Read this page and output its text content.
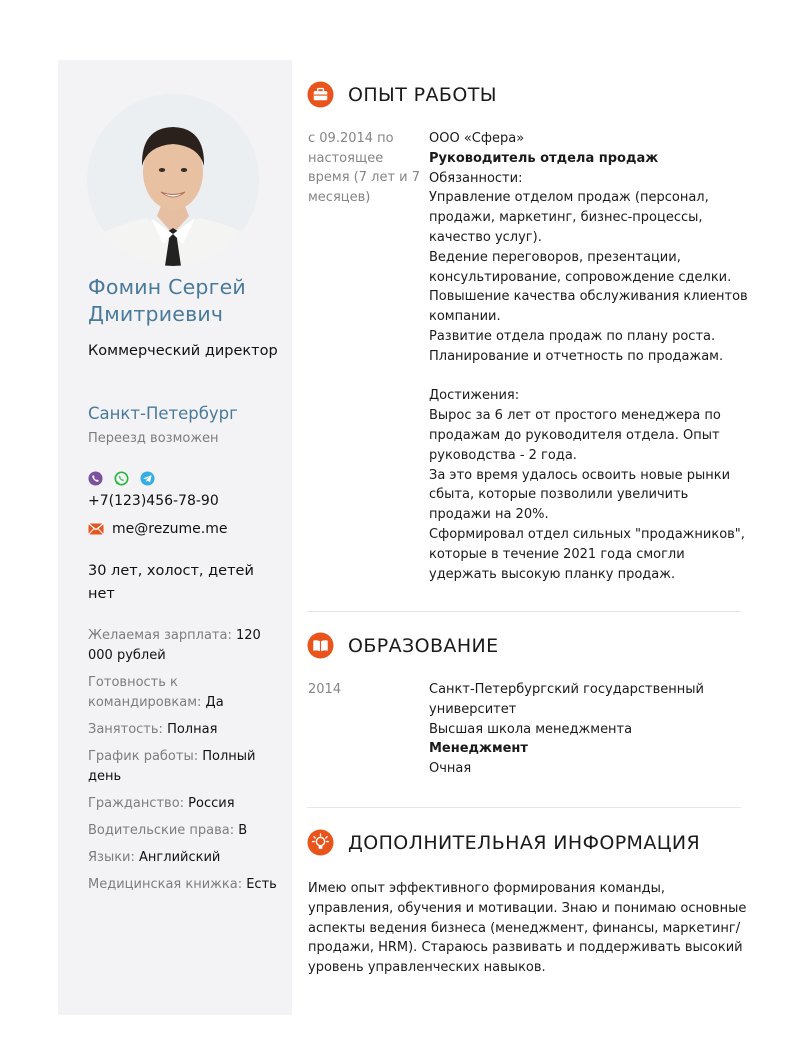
Фомин Сергей Дмитриевич
Коммерческий директор
Санкт-Петербург
Переезд возможен
+7(123)456-78-90
me@rezume.me
30 лет, холост, детей нет
Желаемая зарплата: 120 000 рублей
Готовность к командировкам: Да
Занятость: Полная
График работы: Полный день
Гражданство: Россия
Водительские права: B
Языки: Английский
Медицинская книжка: Есть
ОПЫТ РАБОТЫ
с 09.2014 по настоящее время (7 лет и 7 месяцев)
ООО «Сфера»
Руководитель отдела продаж
Обязанности:
Управление отделом продаж (персонал, продажи, маркетинг, бизнес-процессы, качество услуг).
Ведение переговоров, презентации, консультирование, сопровождение сделки.
Повышение качества обслуживания клиентов компании.
Развитие отдела продаж по плану роста.
Планирование и отчетность по продажам.
Достижения:
Вырос за 6 лет от простого менеджера по продажам до руководителя отдела. Опыт руководства - 2 года.
За это время удалось освоить новые рынки сбыта, которые позволили увеличить продажи на 20%.
Сформировал отдел сильных "продажников", которые в течение 2021 года смогли удержать высокую планку продаж.
ОБРАЗОВАНИЕ
2014	Санкт-Петербургский государственный университет
Высшая школа менеджмента
Менеджмент
Очная
ДОПОЛНИТЕЛЬНАЯ ИНФОРМАЦИЯ
Имею опыт эффективного формирования команды, управления, обучения и мотивации. Знаю и понимаю основные аспекты ведения бизнеса (менеджмент, финансы, маркетинг/продажи, HRM). Стараюсь развивать и поддерживать высокий уровень управленческих навыков.
